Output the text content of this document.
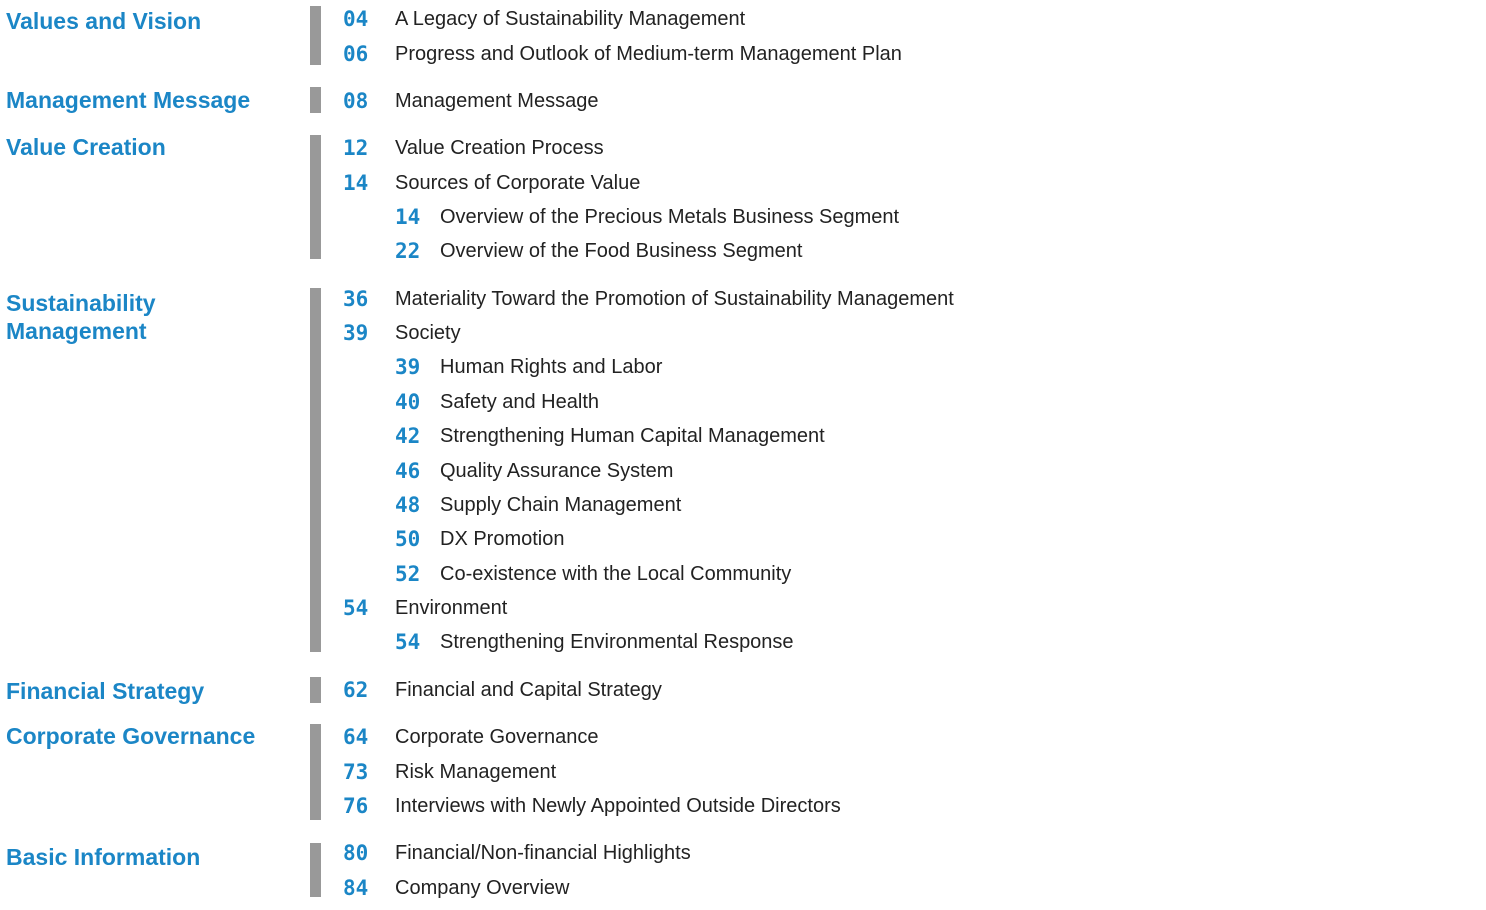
Values and Vision	04 A Legacy of Sustainability Management
06 Progress and Outlook of Medium-term Management Plan
Management Message	08 Management Message
Value Creation	12 Value Creation Process
14 Sources of Corporate Value
14 Overview of the Precious Metals Business Segment
22 Overview of the Food Business Segment
Sustainability Management
36 Materiality Toward the Promotion of Sustainability Management
39 Society
39 Human Rights and Labor
40 Safety and Health
42 Strengthening Human Capital Management
46 Quality Assurance System
48 Supply Chain Management
50 DX Promotion
52 Co-existence with the Local Community
54 Environment
54 Strengthening Environmental Response
Financial Strategy	62 Financial and Capital Strategy
Corporate Governance	64 Corporate Governance
73 Risk Management
76 Interviews with Newly Appointed Outside Directors
Basic Information	80 Financial/Non-financial Highlights
84 Company Overview
